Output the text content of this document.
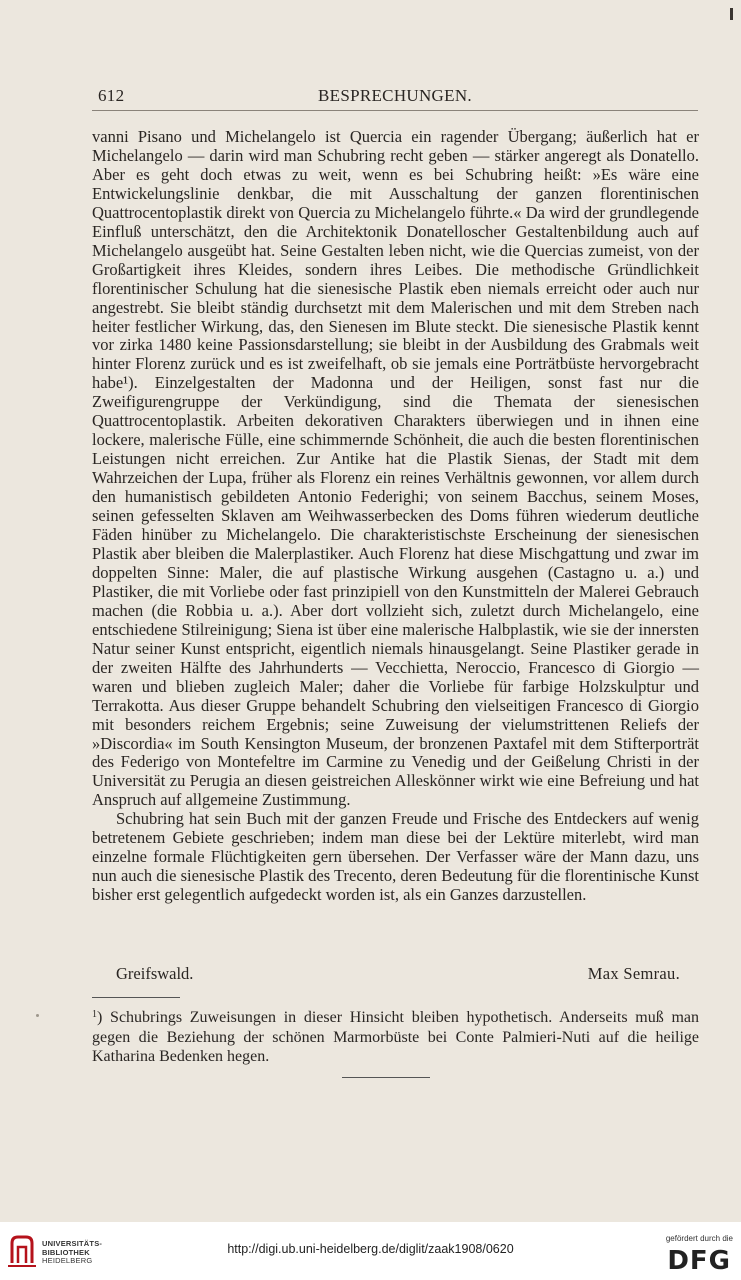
612	BESPRECHUNGEN.

vanni Pisano und Michelangelo ist Quercia ein ragender Übergang; äußerlich hat er Michelangelo — darin wird man Schubring recht geben — stärker angeregt als Donatello. Aber es geht doch etwas zu weit, wenn es bei Schubring heißt: »Es wäre eine Entwickelungslinie denkbar, die mit Ausschaltung der ganzen florentinischen Quattrocentoplastik direkt von Quercia zu Michelangelo führte.« Da wird der grundlegende Einfluß unterschätzt, den die Architektonik Donatelloscher Gestaltenbildung auch auf Michelangelo ausgeübt hat. Seine Gestalten leben nicht, wie die Quercias zumeist, von der Großartigkeit ihres Kleides, sondern ihres Leibes. Die methodische Gründlichkeit florentinischer Schulung hat die sienesische Plastik eben niemals erreicht oder auch nur angestrebt. Sie bleibt ständig durchsetzt mit dem Malerischen und mit dem Streben nach heiter festlicher Wirkung, das, den Sienesen im Blute steckt. Die sienesische Plastik kennt vor zirka 1480 keine Passionsdarstellung; sie bleibt in der Ausbildung des Grabmals weit hinter Florenz zurück und es ist zweifelhaft, ob sie jemals eine Porträtbüste hervorgebracht habe¹). Einzelgestalten der Madonna und der Heiligen, sonst fast nur die Zweifigurengruppe der Verkündigung, sind die Themata der sienesischen Quattrocentoplastik. Arbeiten dekorativen Charakters überwiegen und in ihnen eine lockere, malerische Fülle, eine schimmernde Schönheit, die auch die besten florentinischen Leistungen nicht erreichen. Zur Antike hat die Plastik Sienas, der Stadt mit dem Wahrzeichen der Lupa, früher als Florenz ein reines Verhältnis gewonnen, vor allem durch den humanistisch gebildeten Antonio Federighi; von seinem Bacchus, seinem Moses, seinen gefesselten Sklaven am Weihwasserbecken des Doms führen wiederum deutliche Fäden hinüber zu Michelangelo. Die charakteristischste Erscheinung der sienesischen Plastik aber bleiben die Malerplastiker. Auch Florenz hat diese Mischgattung und zwar im doppelten Sinne: Maler, die auf plastische Wirkung ausgehen (Castagno u. a.) und Plastiker, die mit Vorliebe oder fast prinzipiell von den Kunstmitteln der Malerei Gebrauch machen (die Robbia u. a.). Aber dort vollzieht sich, zuletzt durch Michelangelo, eine entschiedene Stilreinigung; Siena ist über eine malerische Halbplastik, wie sie der innersten Natur seiner Kunst entspricht, eigentlich niemals hinausgelangt. Seine Plastiker gerade in der zweiten Hälfte des Jahrhunderts — Vecchietta, Neroccio, Francesco di Giorgio — waren und blieben zugleich Maler; daher die Vorliebe für farbige Holzskulptur und Terrakotta. Aus dieser Gruppe behandelt Schubring den vielseitigen Francesco di Giorgio mit besonders reichem Ergebnis; seine Zuweisung der vielumstrittenen Reliefs der »Discordia« im South Kensington Museum, der bronzenen Paxtafel mit dem Stifterporträt des Federigo von Montefeltre im Carmine zu Venedig und der Geißelung Christi in der Universität zu Perugia an diesen geistreichen Alleskönner wirkt wie eine Befreiung und hat Anspruch auf allgemeine Zustimmung.

Schubring hat sein Buch mit der ganzen Freude und Frische des Entdeckers auf wenig betretenem Gebiete geschrieben; indem man diese bei der Lektüre miterlebt, wird man einzelne formale Flüchtigkeiten gern übersehen. Der Verfasser wäre der Mann dazu, uns nun auch die sienesische Plastik des Trecento, deren Bedeutung für die florentinische Kunst bisher erst gelegentlich aufgedeckt worden ist, als ein Ganzes darzustellen.

Greifswald.	Max Semrau.
$^1$) Schubrings Zuweisungen in dieser Hinsicht bleiben hypothetisch. Anderseits muß man gegen die Beziehung der schönen Marmorbüste bei Conte Palmieri-Nuti auf die heilige Katharina Bedenken hegen.
UNIVERSITÄTS-
BIBLIOTHEK
HEIDELBERG
http://digi.ub.uni-heidelberg.de/diglit/zaak1908/0620
gefördert durch die
DFG
